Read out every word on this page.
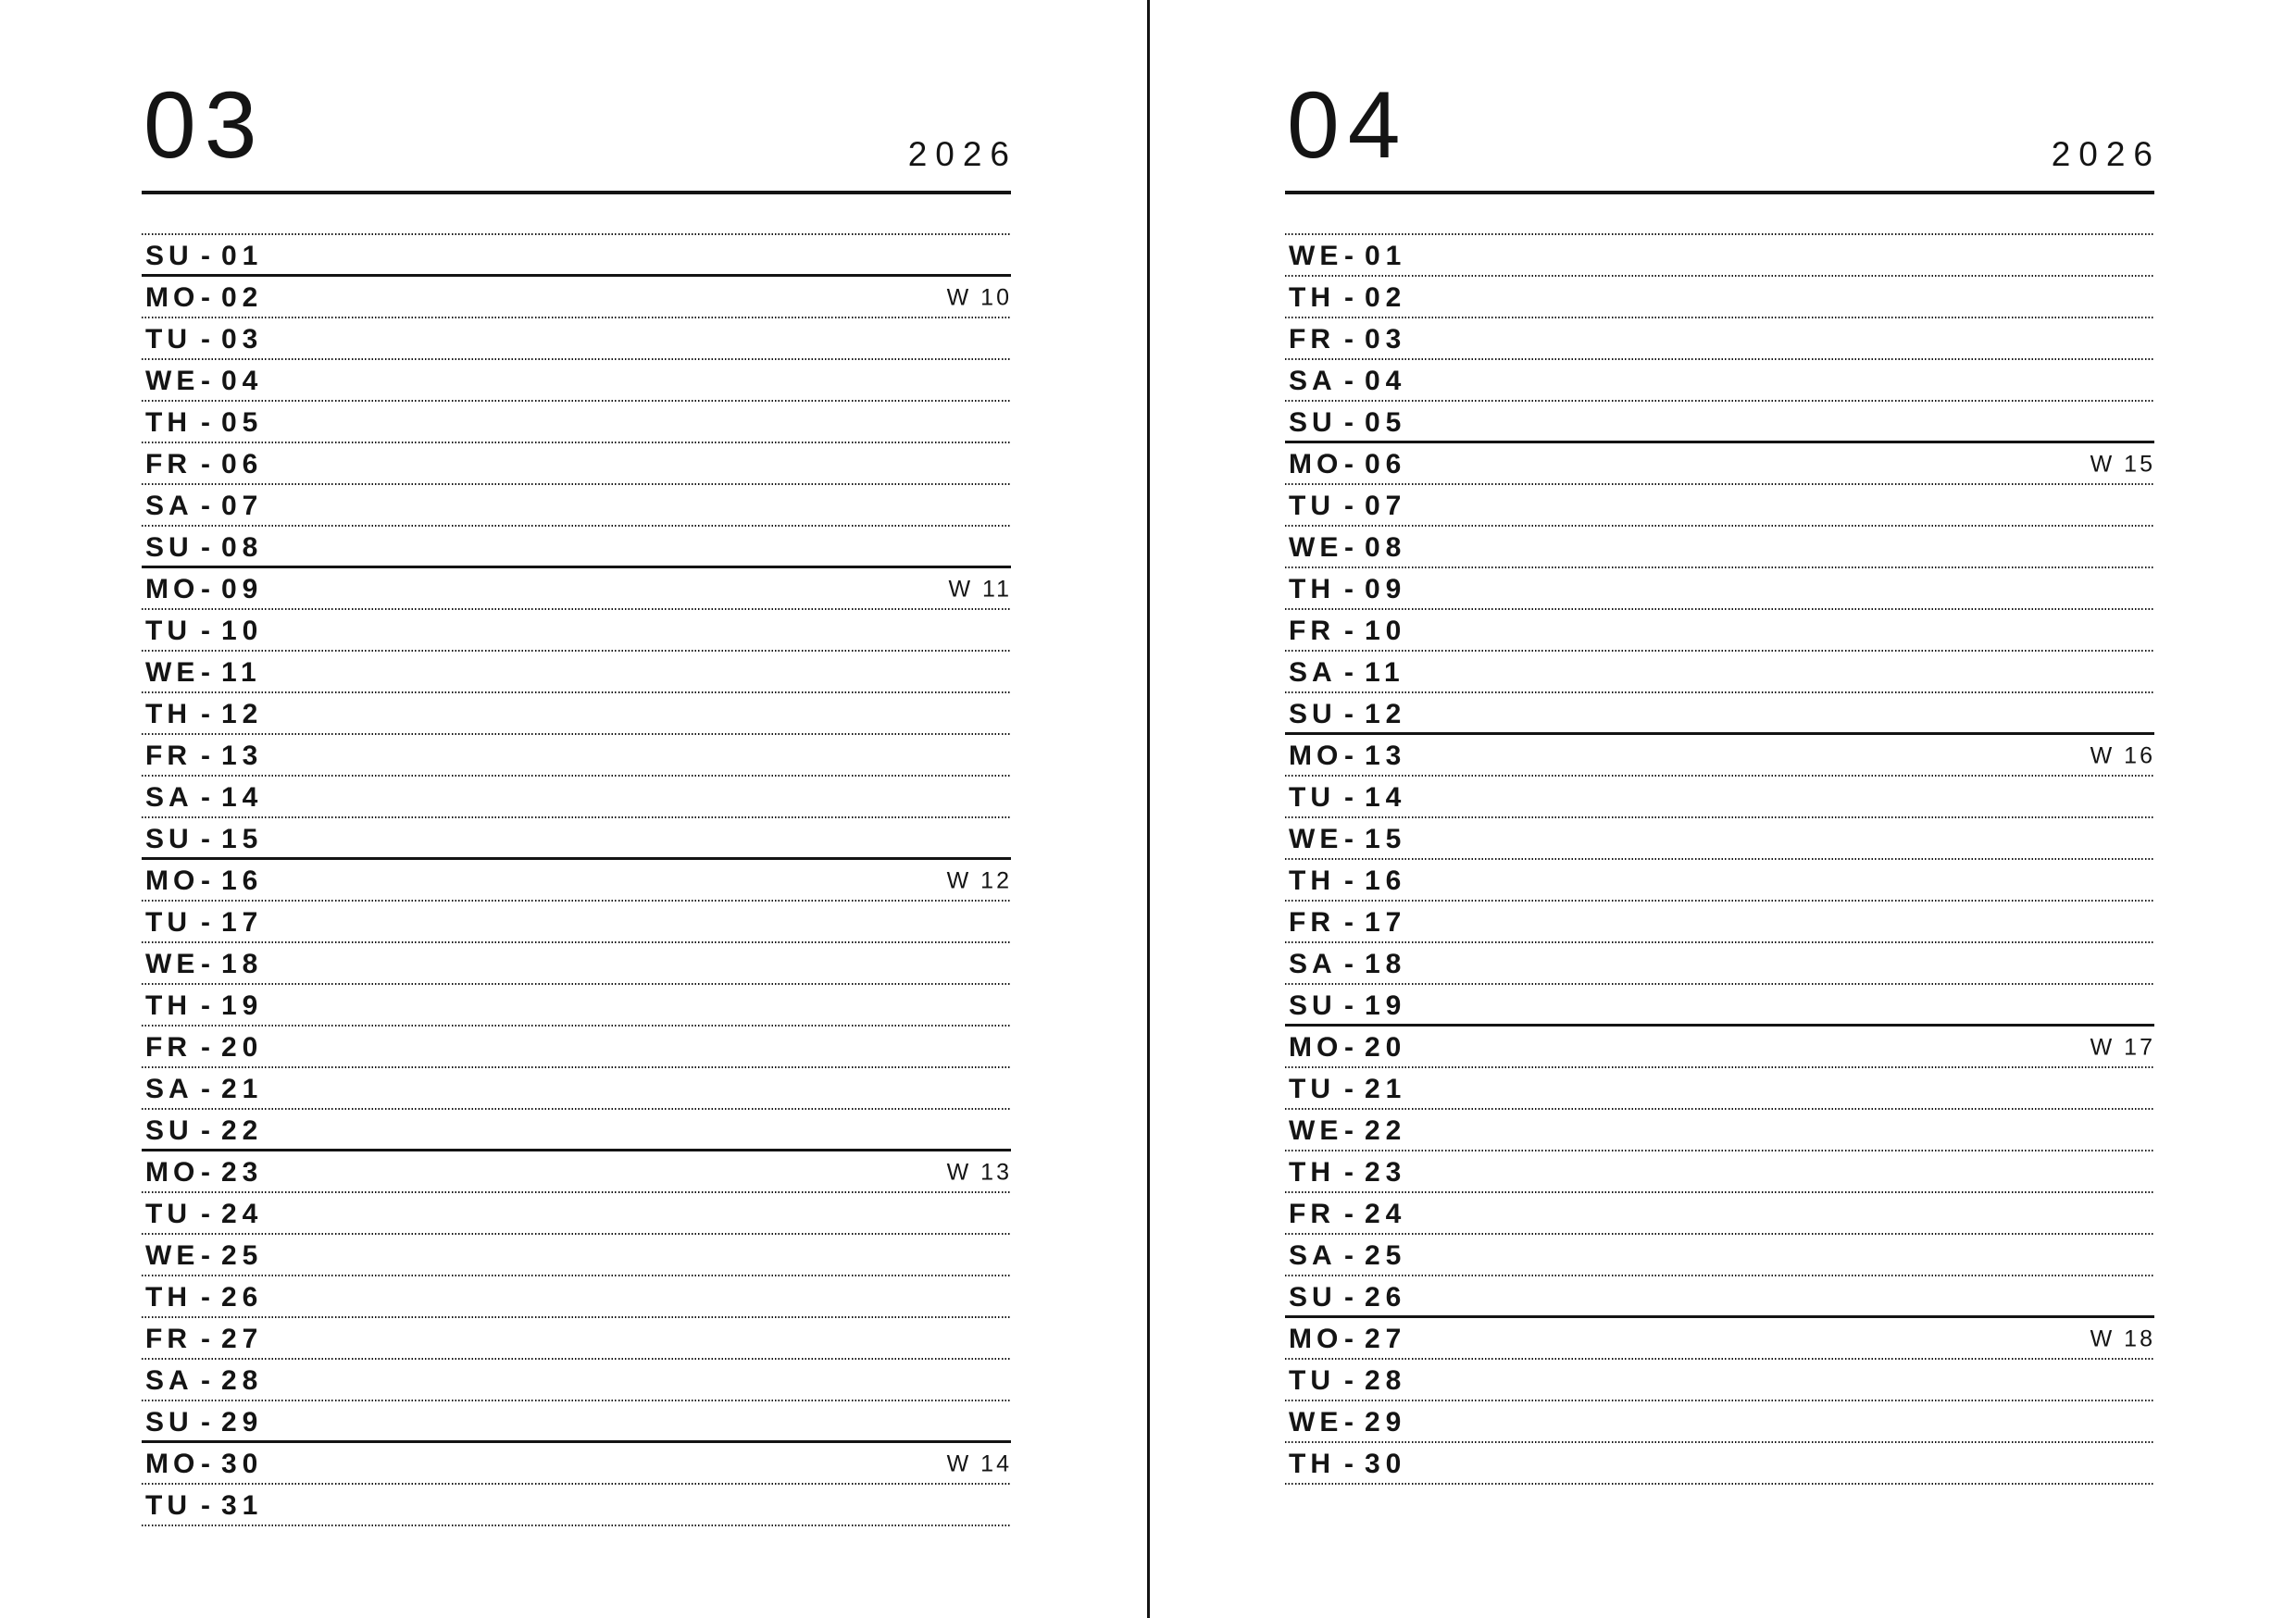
03	2026
SU - 01
MO - 02	W 10
TU - 03
WE - 04
TH - 05
FR - 06
SA - 07
SU - 08
MO - 09	W 11
TU - 10
WE - 11
TH - 12
FR - 13
SA - 14
SU - 15
MO - 16	W 12
TU - 17
WE - 18
TH - 19
FR - 20
SA - 21
SU - 22
MO - 23	W 13
TU - 24
WE - 25
TH - 26
FR - 27
SA - 28
SU - 29
MO - 30	W 14
TU - 31
04	2026
WE - 01
TH - 02
FR - 03
SA - 04
SU - 05
MO - 06	W 15
TU - 07
WE - 08
TH - 09
FR - 10
SA - 11
SU - 12
MO - 13	W 16
TU - 14
WE - 15
TH - 16
FR - 17
SA - 18
SU - 19
MO - 20	W 17
TU - 21
WE - 22
TH - 23
FR - 24
SA - 25
SU - 26
MO - 27	W 18
TU - 28
WE - 29
TH - 30
